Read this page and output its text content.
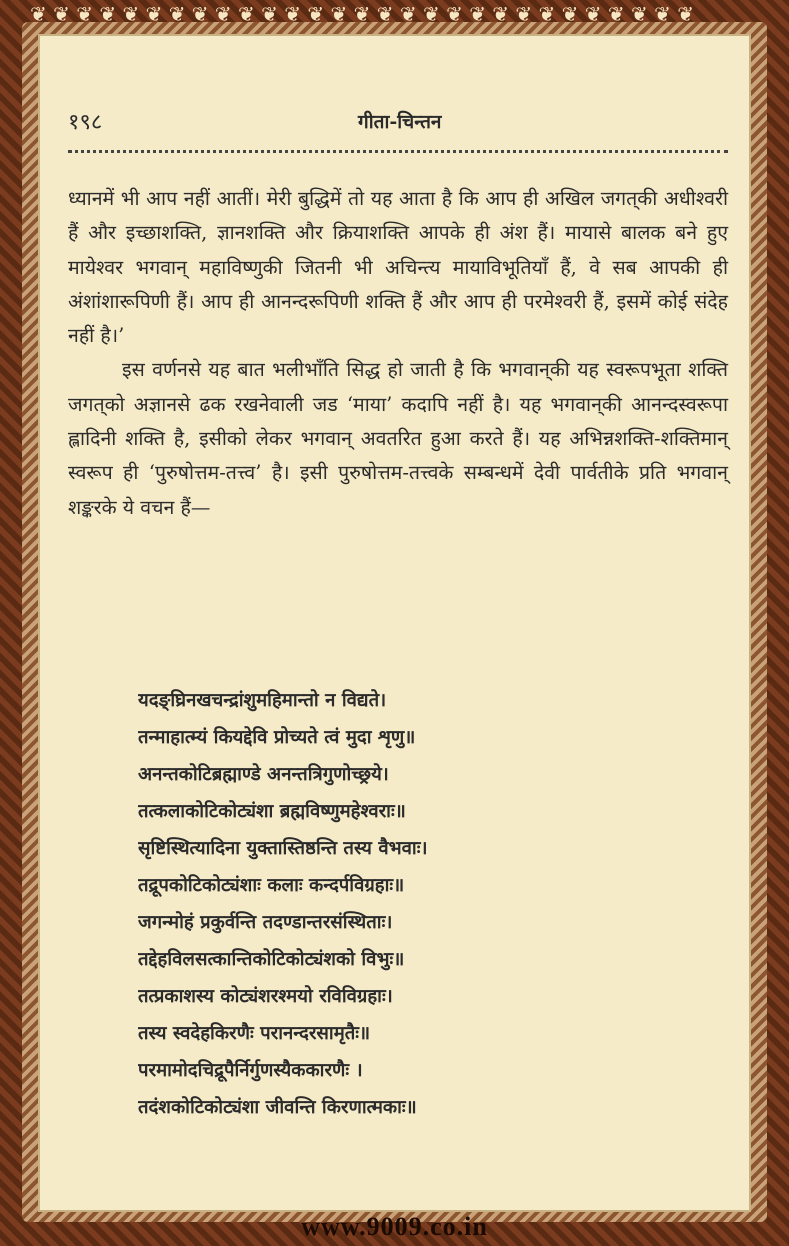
❦ ❦ ❦ ❦ ❦ ❦ ❦ ❦ ❦ ❦ ❦ ❦ ❦ ❦ ❦ ❦ ❦ ❦ ❦ ❦ ❦ ❦ ❦ ❦ ❦ ❦ ❦ ❦ ❦
१९८	गीता-चिन्तन

ध्यानमें भी आप नहीं आतीं। मेरी बुद्धिमें तो यह आता है कि आप ही अखिल जगत्‌की अधीश्वरी हैं और इच्छाशक्ति, ज्ञानशक्ति और क्रियाशक्ति आपके ही अंश हैं। मायासे बालक बने हुए मायेश्वर भगवान् महाविष्णुकी जितनी भी अचिन्त्य मायाविभूतियाँ हैं, वे सब आपकी ही अंशांशारूपिणी हैं। आप ही आनन्दरूपिणी शक्ति हैं और आप ही परमेश्वरी हैं, इसमें कोई संदेह नहीं है।’

इस वर्णनसे यह बात भलीभाँति सिद्ध हो जाती है कि भगवान्‌की यह स्वरूपभूता शक्ति जगत्‌को अज्ञानसे ढक रखनेवाली जड ‘माया’ कदापि नहीं है। यह भगवान्‌की आनन्दस्वरूपा ह्लादिनी शक्ति है, इसीको लेकर भगवान् अवतरित हुआ करते हैं। यह अभिन्नशक्ति-शक्तिमान् स्वरूप ही ‘पुरुषोत्तम-तत्त्व’ है। इसी पुरुषोत्तम-तत्त्वके सम्बन्धमें देवी पार्वतीके प्रति भगवान् शङ्करके ये वचन हैं—

यदङ्घ्रिनखचन्द्रांशुमहिमान्तो न विद्यते।
तन्माहात्म्यं कियद्देवि प्रोच्यते त्वं मुदा शृणु॥
अनन्तकोटिब्रह्माण्डे अनन्तत्रिगुणोच्छ्रये।
तत्कलाकोटिकोट्यंशा ब्रह्मविष्णुमहेश्वराः॥
सृष्टिस्थित्यादिना युक्तास्तिष्ठन्ति तस्य वैभवाः।
तद्रूपकोटिकोट्यंशाः कलाः कन्दर्पविग्रहाः॥
जगन्मोहं प्रकुर्वन्ति तदण्डान्तरसंस्थिताः।
तद्देहविलसत्कान्तिकोटिकोट्यंशको विभुः॥
तत्प्रकाशस्य कोट्यंशरश्मयो रविविग्रहाः।
तस्य स्वदेहकिरणैः परानन्दरसामृतैः॥
परमामोदचिद्रूपैर्निर्गुणस्यैककारणैः ।
तदंशकोटिकोट्यंशा जीवन्ति किरणात्मकाः॥
www.9009.co.in
